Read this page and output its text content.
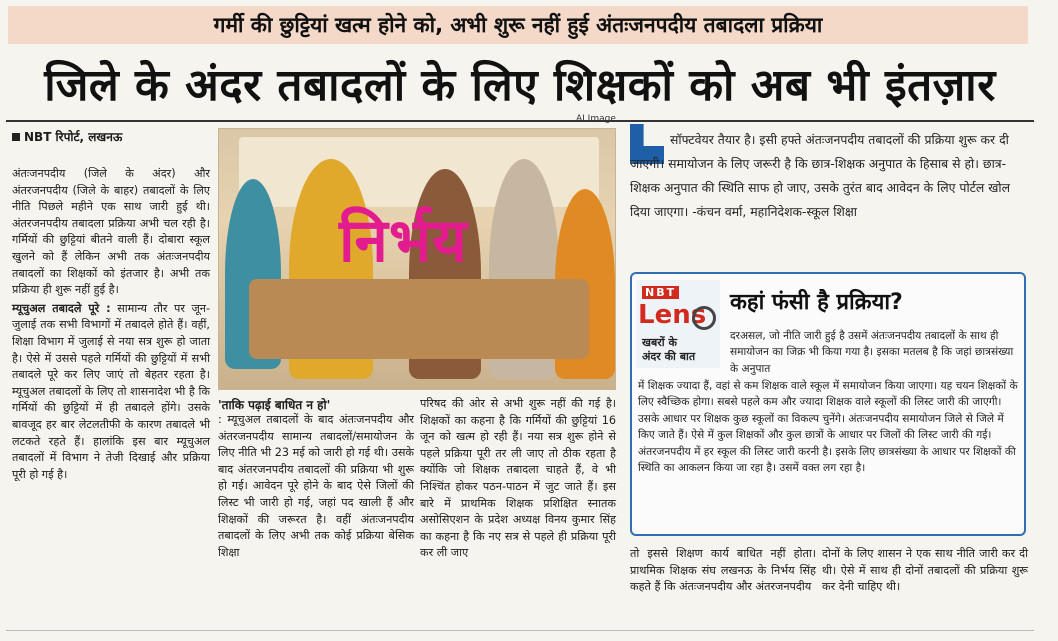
गर्मी की छुट्टियां खत्म होने को, अभी शुरू नहीं हुई अंतःजनपदीय तबादला प्रक्रिया
जिले के अंदर तबादलों के लिए शिक्षकों को अब भी इंतज़ार
NBT रिपोर्ट, लखनऊ

अंतःजनपदीय (जिले के अंदर) और अंतरजनपदीय (जिले के बाहर) तबादलों के लिए नीति पिछले महीने एक साथ जारी हुई थी। अंतरजनपदीय तबादला प्रक्रिया अभी चल रही है। गर्मियों की छुट्टियां बीतने वाली हैं। दोबारा स्कूल खुलने को हैं लेकिन अभी तक अंतःजनपदीय तबादलों का शिक्षकों को इंतजार है। अभी तक प्रक्रिया ही शुरू नहीं हुई है।

म्यूचुअल तबादले पूरे : सामान्य तौर पर जून-जुलाई तक सभी विभागों में तबादले होते हैं। वहीं, शिक्षा विभाग में जुलाई से नया सत्र शुरू हो जाता है। ऐसे में उससे पहले गर्मियों की छुट्टियों में सभी तबादले पूरे कर लिए जाएं तो बेहतर रहता है। म्यूचुअल तबादलों के लिए तो शासनादेश भी है कि गर्मियों की छुट्टियों में ही तबादले होंगे। उसके बावजूद हर बार लेटलतीफी के कारण तबादले भी लटकते रहते हैं। हालांकि इस बार म्यूचुअल तबादलों में विभाग ने तेजी दिखाई और प्रक्रिया पूरी हो गई है।

AI Image
निर्भय
'ताकि पढ़ाई बाधित न हो'
: म्यूचुअल तबादलों के बाद अंतःजनपदीय और अंतरजनपदीय सामान्य तबादलों/समायोजन के लिए नीति भी 23 मई को जारी हो गई थी। उसके बाद अंतरजनपदीय तबादलों की प्रक्रिया भी शुरू हो गई। आवेदन पूरे होने के बाद ऐसे जिलों की लिस्ट भी जारी हो गई, जहां पद खाली हैं और शिक्षकों की जरूरत है। वहीं अंतःजनपदीय तबादलों के लिए अभी तक कोई प्रक्रिया बेसिक शिक्षा
परिषद की ओर से अभी शुरू नहीं की गई है। शिक्षकों का कहना है कि गर्मियों की छुट्टियां 16 जून को खत्म हो रही हैं। नया सत्र शुरू होने से पहले प्रक्रिया पूरी तर ली जाए तो ठीक रहता है क्योंकि जो शिक्षक तबादला चाहते हैं, वे भी निश्चिंत होकर पठन-पाठन में जुट जाते हैं। इस बारे में प्राथमिक शिक्षक प्रशिक्षित स्नातक असोसिएशन के प्रदेश अध्यक्ष विनय कुमार सिंह का कहना है कि नए सत्र से पहले ही प्रक्रिया पूरी कर ली जाए
सॉफ्टवेयर तैयार है। इसी हफ्ते अंतःजनपदीय तबादलों की प्रक्रिया शुरू कर दी जाएगी। समायोजन के लिए जरूरी है कि छात्र-शिक्षक अनुपात के हिसाब से हो। छात्र-शिक्षक अनुपात की स्थिति साफ हो जाए, उसके तुरंत बाद आवेदन के लिए पोर्टल खोल दिया जाएगा। -कंचन वर्मा, महानिदेशक-स्कूल शिक्षा
NBT
Lens
खबरों के
अंदर की बात
कहां फंसी है प्रक्रिया?
दरअसल, जो नीति जारी हुई है उसमें अंतःजनपदीय तबादलों के साथ ही समायोजन का जिक्र भी किया गया है। इसका मतलब है कि जहां छात्रसंख्या के अनुपात
में शिक्षक ज्यादा हैं, वहां से कम शिक्षक वाले स्कूल में समायोजन किया जाएगा। यह चयन शिक्षकों के लिए स्वैच्छिक होगा। सबसे पहले कम और ज्यादा शिक्षक वाले स्कूलों की लिस्ट जारी की जाएगी। उसके आधार पर शिक्षक कुछ स्कूलों का विकल्प चुनेंगे। अंतःजनपदीय समायोजन जिले से जिले में किए जाते हैं। ऐसे में कुल शिक्षकों और कुल छात्रों के आधार पर जिलों की लिस्ट जारी की गई। अंतरजनपदीय में हर स्कूल की लिस्ट जारी करनी है। इसके लिए छात्रसंख्या के आधार पर शिक्षकों की स्थिति का आकलन किया जा रहा है। उसमें वक्त लग रहा है।
तो इससे शिक्षण कार्य बाधित नहीं होता। प्राथमिक शिक्षक संघ लखनऊ के निर्भय सिंह कहते हैं कि अंतःजनपदीय और अंतरजनपदीय
दोनों के लिए शासन ने एक साथ नीति जारी कर दी थी। ऐसे में साथ ही दोनों तबादलों की प्रक्रिया शुरू कर देनी चाहिए थी।
